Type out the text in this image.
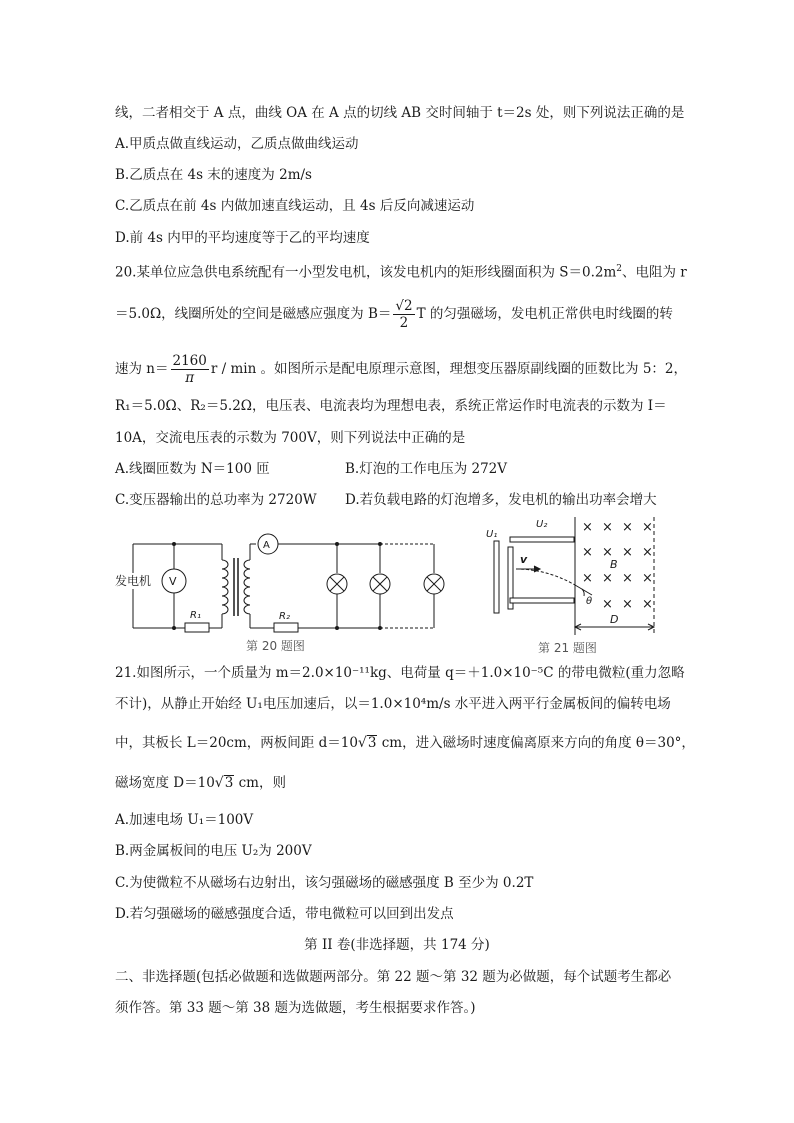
线，二者相交于 A 点，曲线 OA 在 A 点的切线 AB 交时间轴于 t＝2s 处，则下列说法正确的是
A.甲质点做直线运动，乙质点做曲线运动
B.乙质点在 4s 末的速度为 2m/s
C.乙质点在前 4s 内做加速直线运动，且 4s 后反向减速运动
D.前 4s 内甲的平均速度等于乙的平均速度
20.某单位应急供电系统配有一小型发电机，该发电机内的矩形线圈面积为 $S=0.2m^2$、电阻为 r
＝5.0Ω，线圈所处的空间是磁感应强度为 $B= \frac{√2}{2}$ T 的匀强磁场，发电机正常供电时线圈的转
速为 $n= \frac{2160}{\pi}$ r / min 。如图所示是配电原理示意图，理想变压器原副线圈的匝数比为 5：2，
R₁＝5.0Ω、R₂＝5.2Ω，电压表、电流表均为理想电表，系统正常运作时电流表的示数为 I＝
10A，交流电压表的示数为 700V，则下列说法中正确的是
A.线圈匝数为 N＝100 匝	B.灯泡的工作电压为 272V
C.变压器输出的总功率为 2720W D.若负载电路的灯泡增多，发电机的输出功率会增大
发电机 V
A
R₁	R₂
第 20 题图
× × × ×
× × × ×
× × × ×
× × ×
U₁
U₂
v	B
θ
D
第 21 题图
21.如图所示，一个质量为 m＝2.0×10⁻¹¹kg、电荷量 q＝＋1.0×10⁻⁵C 的带电微粒(重力忽略
不计)，从静止开始经 U₁电压加速后，以＝1.0×10⁴m/s 水平进入两平行金属板间的偏转电场
中，其板长 L＝20cm，两板间距 d＝10√3 cm，进入磁场时速度偏离原来方向的角度 θ＝30°，
磁场宽度 D＝10√3 cm，则
A.加速电场 U₁＝100V
B.两金属板间的电压 U₂为 200V
C.为使微粒不从磁场右边射出，该匀强磁场的磁感强度 B 至少为 0.2T
D.若匀强磁场的磁感强度合适，带电微粒可以回到出发点
第 II 卷(非选择题，共 174 分)
二、非选择题(包括必做题和选做题两部分。第 22 题～第 32 题为必做题，每个试题考生都必
须作答。第 33 题～第 38 题为选做题，考生根据要求作答。)
